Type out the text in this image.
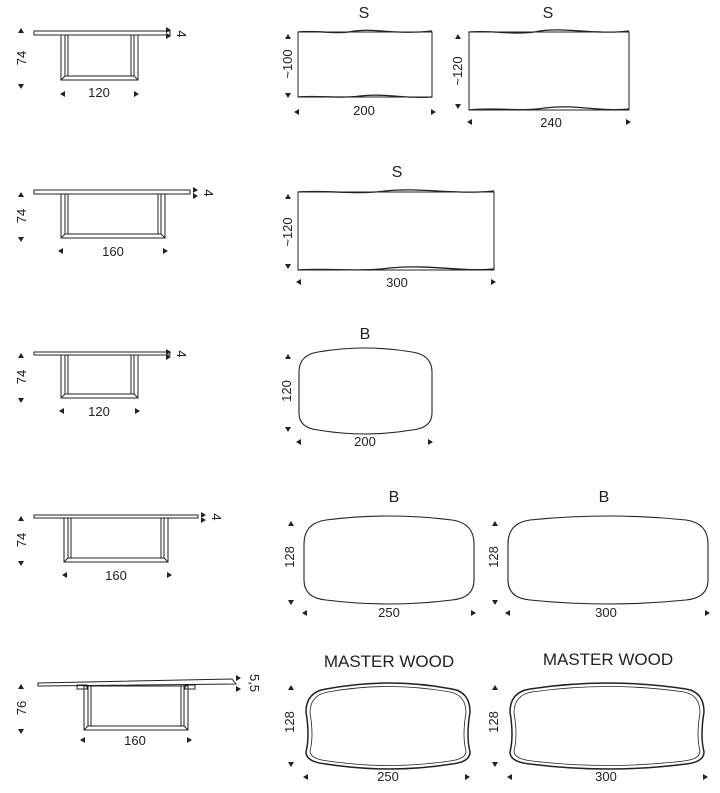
74
120
4
S
~100
200
S
~120
240
74
160
4
S
~120
300
74
120
4
B
120
200
74
160
4
B
128
250
B
128
300
76
160
5,5
MASTER WOOD
128
250
MASTER WOOD
128
300
